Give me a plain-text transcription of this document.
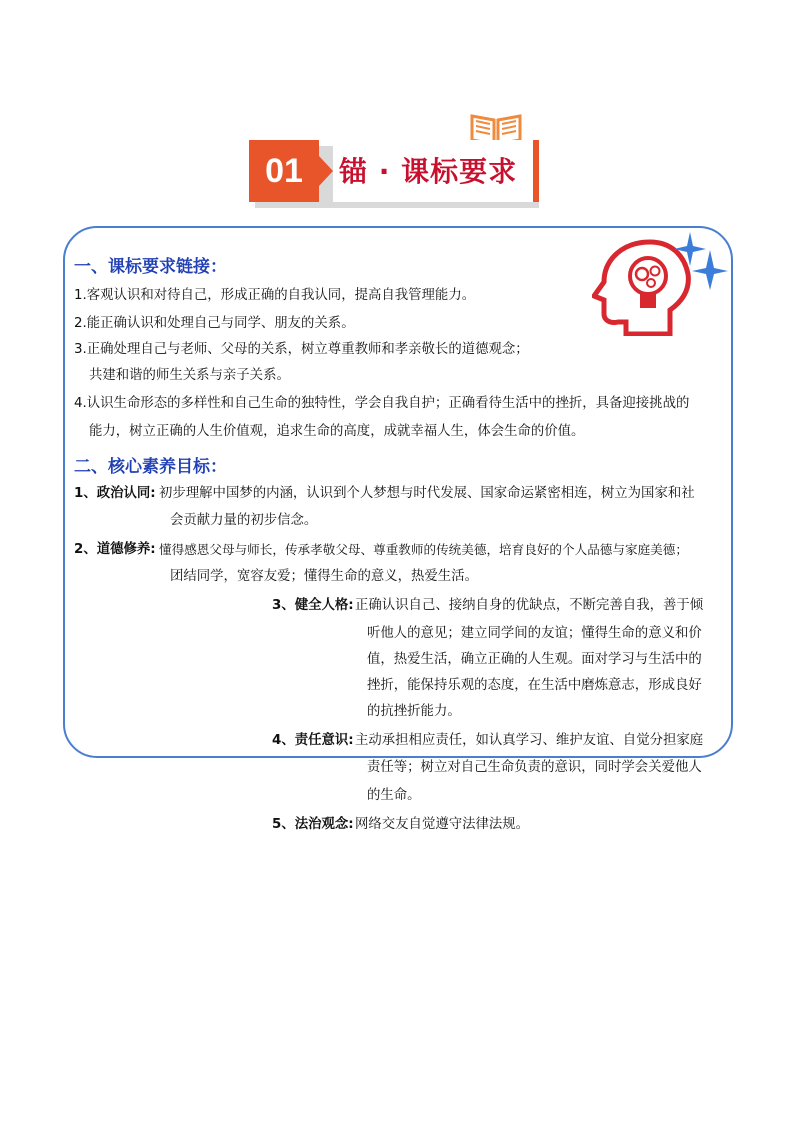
01	锚 · 课标要求
一、课标要求链接：
1.客观认识和对待自己，形成正确的自我认同，提高自我管理能力。
2.能正确认识和处理自己与同学、朋友的关系。
3.正确处理自己与老师、父母的关系，树立尊重教师和孝亲敬长的道德观念；
共建和谐的师生关系与亲子关系。
4.认识生命形态的多样性和自己生命的独特性，学会自我自护；正确看待生活中的挫折，具备迎接挑战的
能力，树立正确的人生价值观，追求生命的高度，成就幸福人生，体会生命的价值。
二、核心素养目标：
1、政治认同: 初步理解中国梦的内涵，认识到个人梦想与时代发展、国家命运紧密相连，树立为国家和社
会贡献力量的初步信念。
2、道德修养: 懂得感恩父母与师长，传承孝敬父母、尊重教师的传统美德，培育良好的个人品德与家庭美德；
团结同学，宽容友爱；懂得生命的意义，热爱生活。
3、健全人格: 正确认识自己、接纳自身的优缺点，不断完善自我，善于倾
听他人的意见；建立同学间的友谊；懂得生命的意义和价
值，热爱生活，确立正确的人生观。面对学习与生活中的
挫折，能保持乐观的态度，在生活中磨炼意志，形成良好
的抗挫折能力。
4、责任意识: 主动承担相应责任，如认真学习、维护友谊、自觉分担家庭
责任等；树立对自己生命负责的意识，同时学会关爱他人
的生命。
5、法治观念: 网络交友自觉遵守法律法规。
